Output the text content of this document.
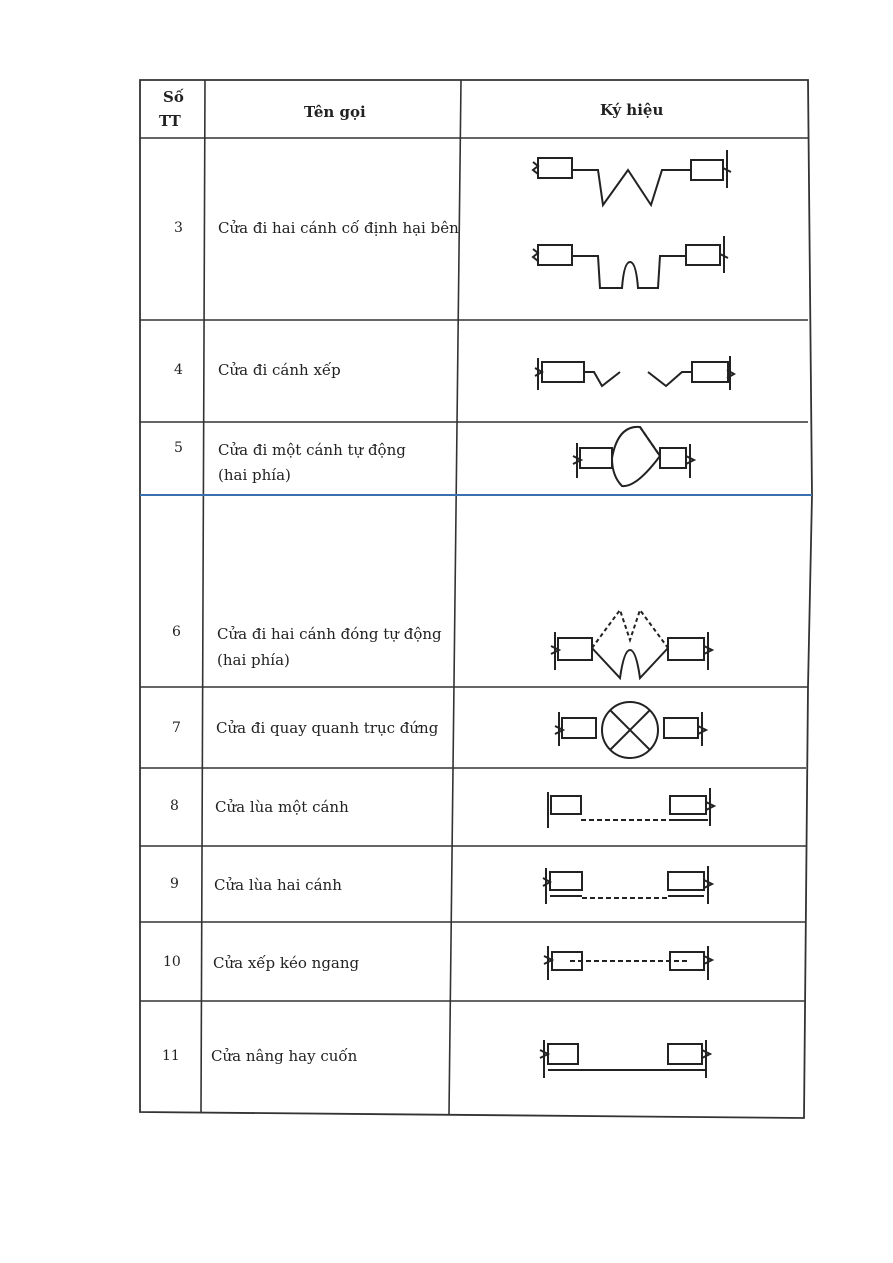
Số
TT	Tên gọi	Ký hiệu
3 Cửa đi hai cánh cố định hại bên
4 Cửa đi cánh xếp
5 Cửa đi một cánh tự động
(hai phía)
6 Cửa đi hai cánh đóng tự động
(hai phía)
7 Cửa đi quay quanh trục đứng
8 Cửa lùa một cánh
9 Cửa lùa hai cánh
10 Cửa xếp kéo ngang
11 Cửa nâng hay cuốn
